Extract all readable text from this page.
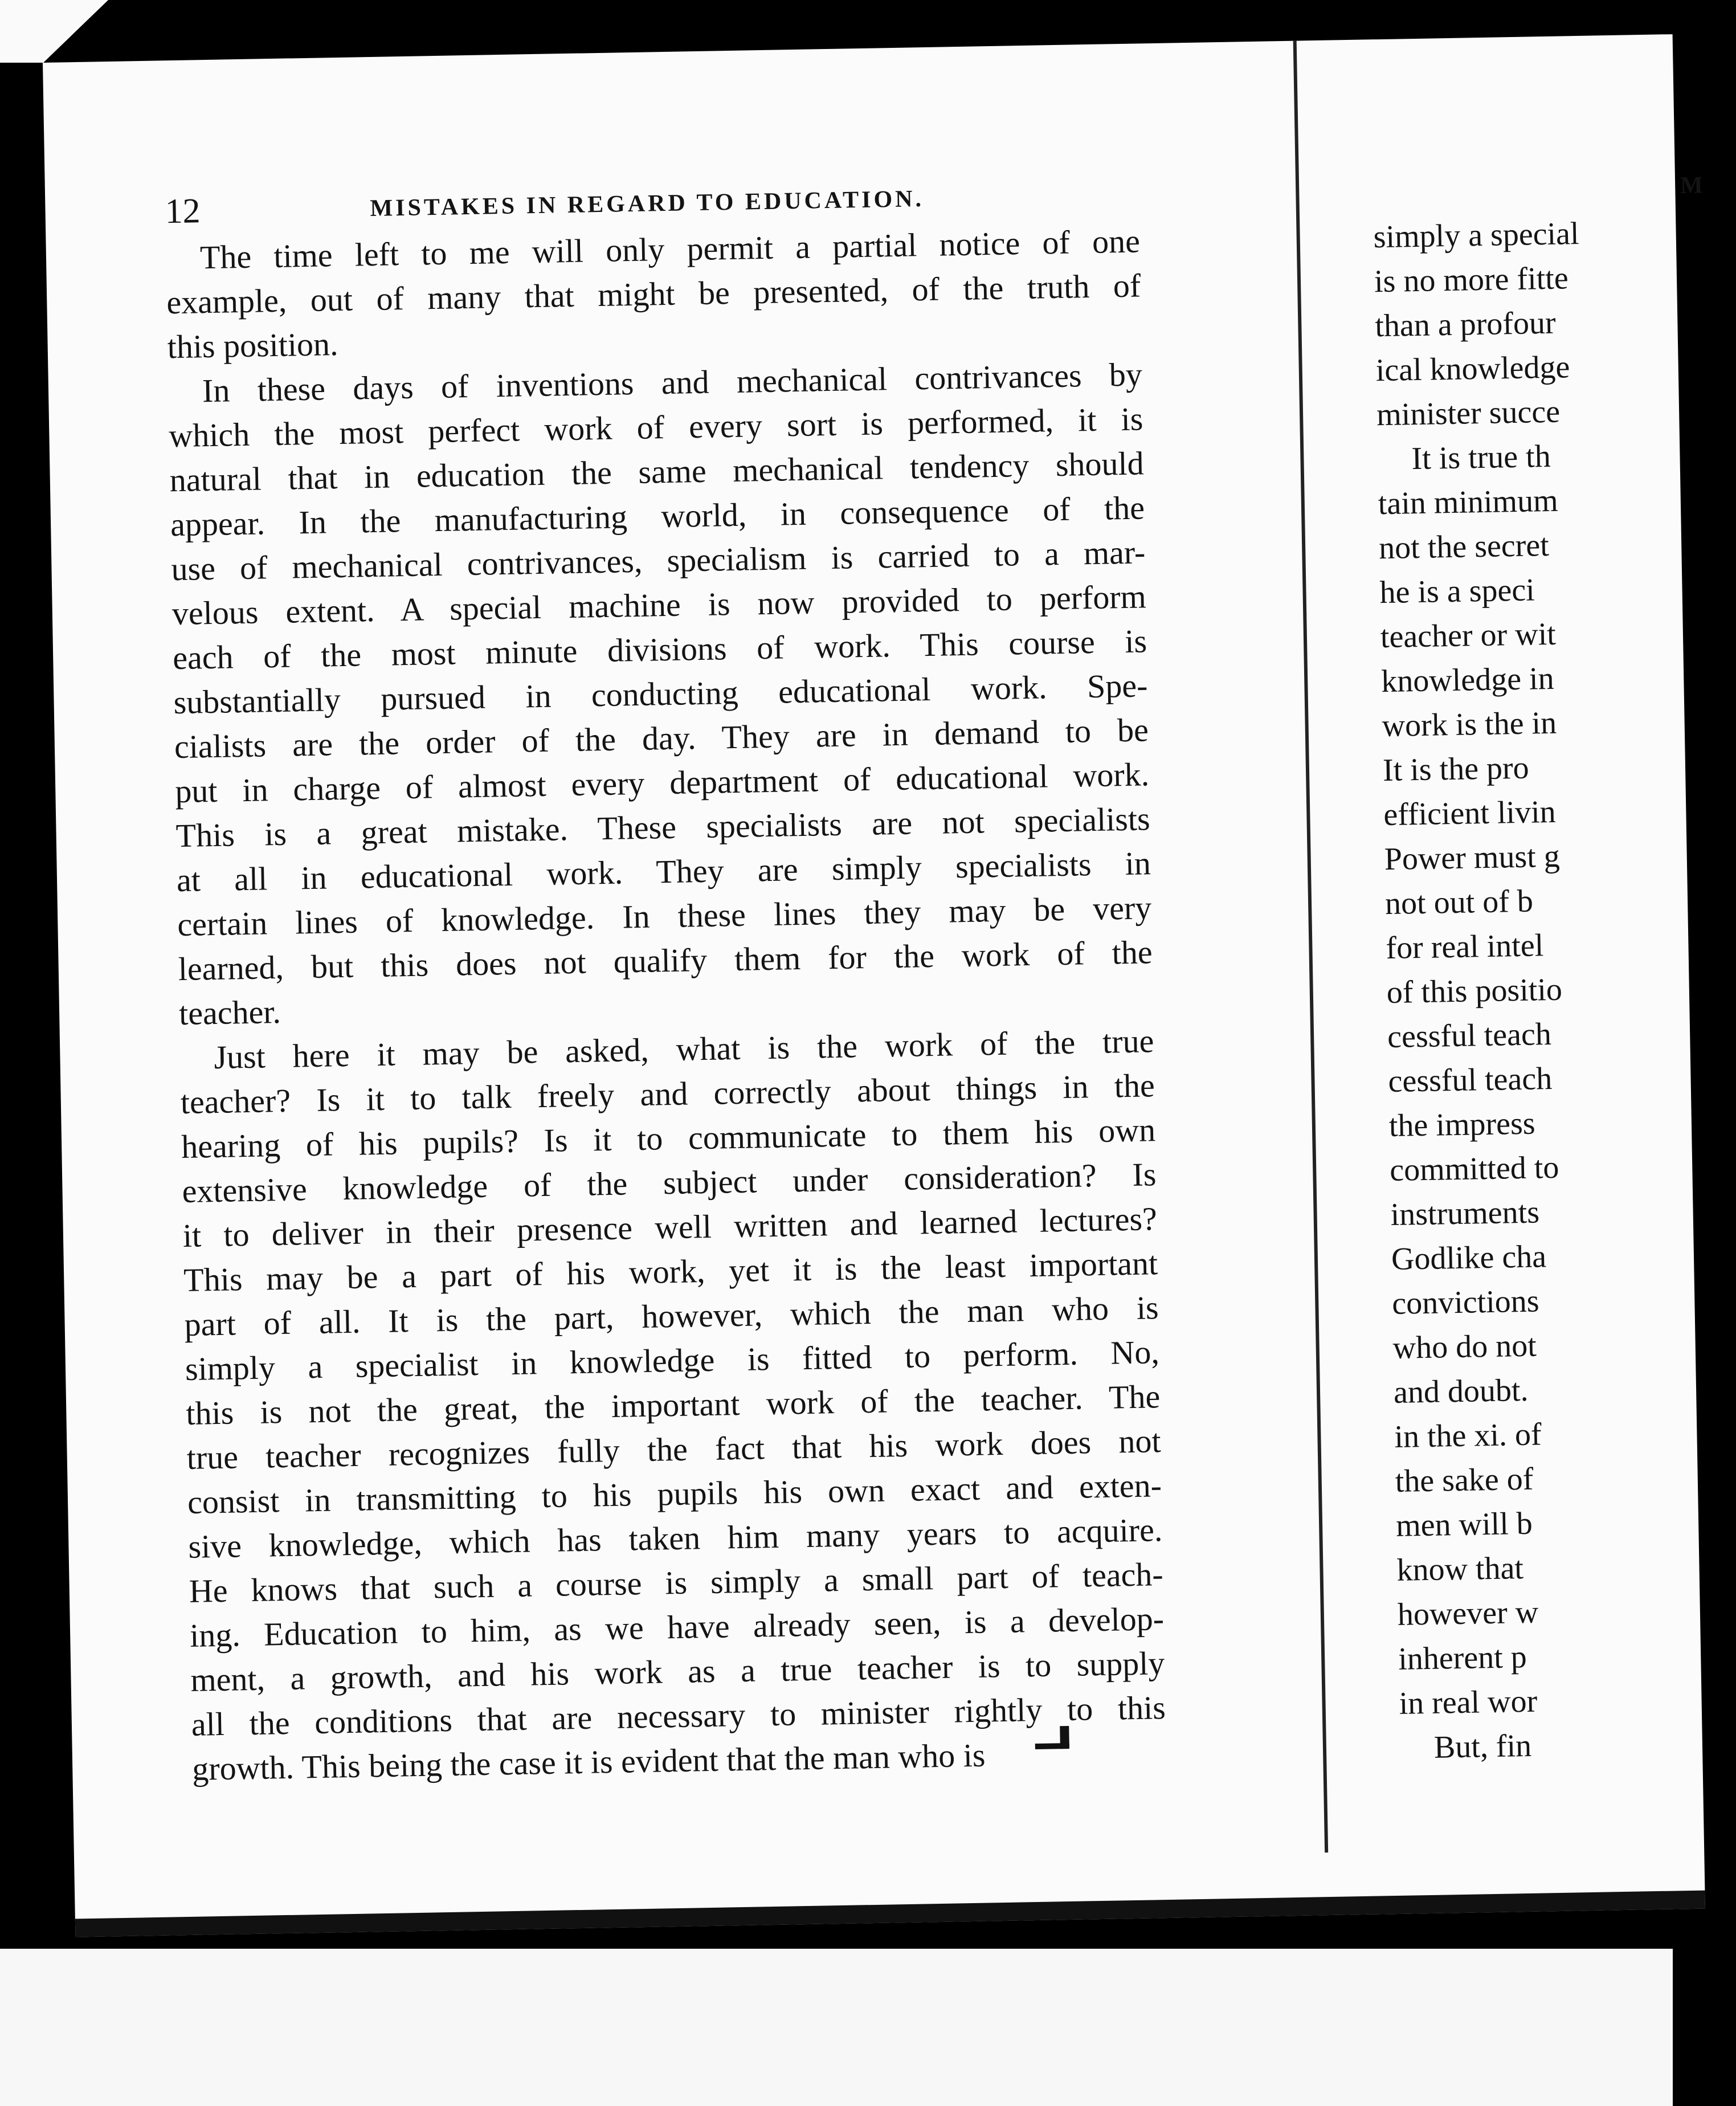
12	MISTAKES IN REGARD TO EDUCATION.
The time left to me will only permit a partial notice of one
example, out of many that might be presented, of the truth of
this position.
In these days of inventions and mechanical contrivances by
which the most perfect work of every sort is performed, it is
natural that in education the same mechanical tendency should
appear. In the manufacturing world, in consequence of the
use of mechanical contrivances, specialism is carried to a mar-
velous extent. A special machine is now provided to perform
each of the most minute divisions of work. This course is
substantially pursued in conducting educational work. Spe-
cialists are the order of the day. They are in demand to be
put in charge of almost every department of educational work.
This is a great mistake. These specialists are not specialists
at all in educational work. They are simply specialists in
certain lines of knowledge. In these lines they may be very
learned, but this does not qualify them for the work of the
teacher.
Just here it may be asked, what is the work of the true
teacher? Is it to talk freely and correctly about things in the
hearing of his pupils? Is it to communicate to them his own
extensive knowledge of the subject under consideration? Is
it to deliver in their presence well written and learned lectures?
This may be a part of his work, yet it is the least important
part of all. It is the part, however, which the man who is
simply a specialist in knowledge is fitted to perform. No,
this is not the great, the important work of the teacher. The
true teacher recognizes fully the fact that his work does not
consist in transmitting to his pupils his own exact and exten-
sive knowledge, which has taken him many years to acquire.
He knows that such a course is simply a small part of teach-
ing. Education to him, as we have already seen, is a develop-
ment, a growth, and his work as a true teacher is to supply
all the conditions that are necessary to minister rightly to this
growth. This being the case it is evident that the man who is
M
simply a special
is no more fitte
than a profour
ical knowledge
minister succe
It is true th
tain minimum
not the secret
he is a speci
teacher or wit
knowledge in
work is the in
It is the pro
efficient livin
Power must g
not out of b
for real intel
of this positio
cessful teach
cessful teach
the impress
committed to
instruments
Godlike cha
convictions
who do not
and doubt.
in the xi. of
the sake of
men will b
know that
however w
inherent p
in real wor
But, fin
